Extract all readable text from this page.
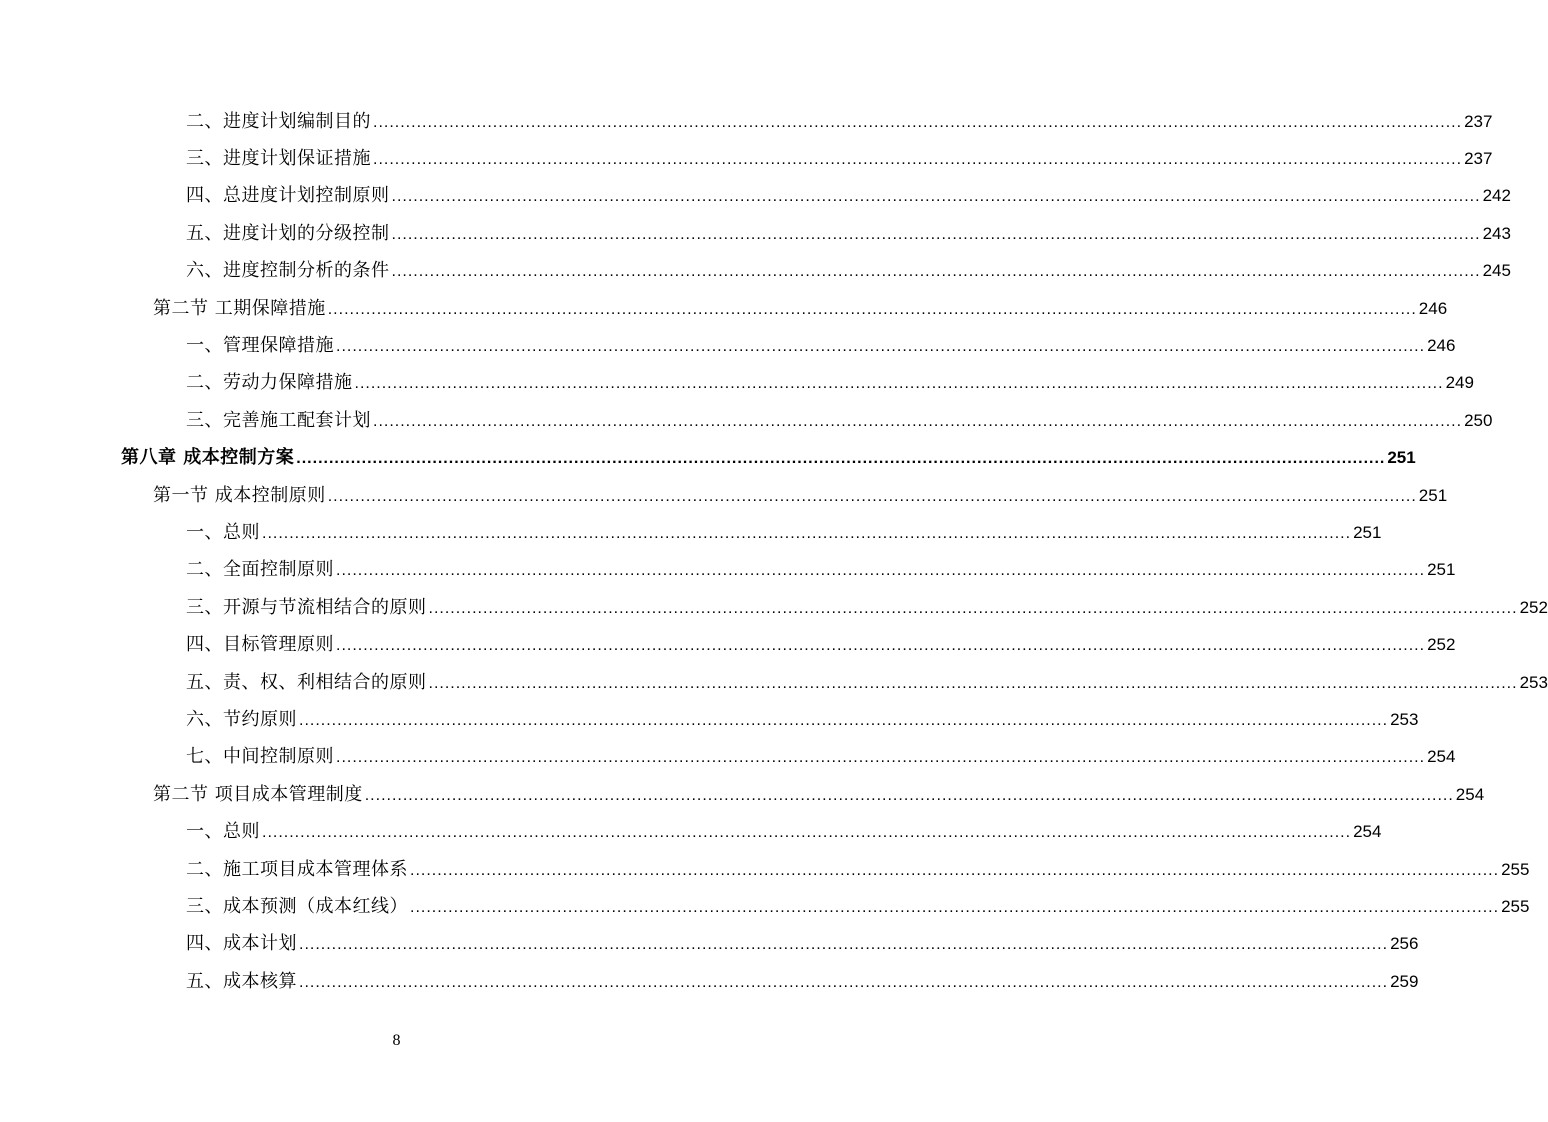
二、进度计划编制目的 ........................................................................................................................................................................................................ 237
三、进度计划保证措施 ........................................................................................................................................................................................................ 237
四、总进度计划控制原则 ........................................................................................................................................................................................................ 242
五、进度计划的分级控制 ........................................................................................................................................................................................................ 243
六、进度控制分析的条件 ........................................................................................................................................................................................................ 245
第二节 工期保障措施 ........................................................................................................................................................................................................ 246
一、管理保障措施 ........................................................................................................................................................................................................ 246
二、劳动力保障措施 ........................................................................................................................................................................................................ 249
三、完善施工配套计划 ........................................................................................................................................................................................................ 250
第八章 成本控制方案 ........................................................................................................................................................................................................ 251
第一节 成本控制原则 ........................................................................................................................................................................................................ 251
一、总则 ........................................................................................................................................................................................................ 251
二、全面控制原则 ........................................................................................................................................................................................................ 251
三、开源与节流相结合的原则 ........................................................................................................................................................................................................ 252
四、目标管理原则 ........................................................................................................................................................................................................ 252
五、责、权、利相结合的原则 ........................................................................................................................................................................................................ 253
六、节约原则 ........................................................................................................................................................................................................ 253
七、中间控制原则 ........................................................................................................................................................................................................ 254
第二节 项目成本管理制度 ........................................................................................................................................................................................................ 254
一、总则 ........................................................................................................................................................................................................ 254
二、施工项目成本管理体系 ........................................................................................................................................................................................................ 255
三、成本预测（成本红线） ........................................................................................................................................................................................................ 255
四、成本计划 ........................................................................................................................................................................................................ 256
五、成本核算 ........................................................................................................................................................................................................ 259
8
